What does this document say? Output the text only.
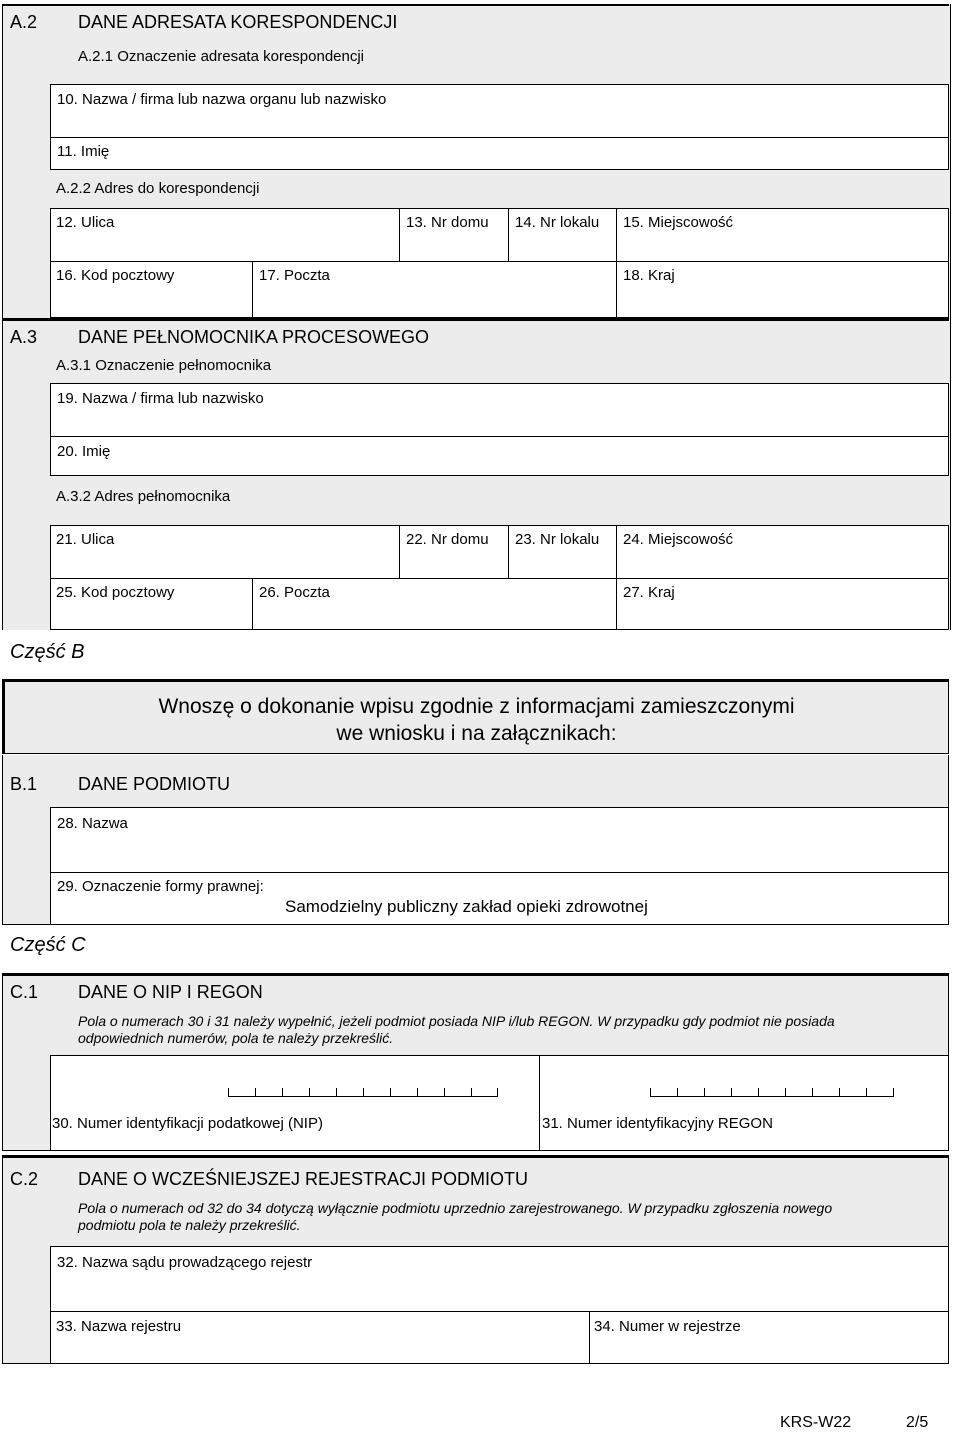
A.2 DANE ADRESATA KORESPONDENCJI
A.2.1 Oznaczenie adresata korespondencji
10. Nazwa / firma lub nazwa organu lub nazwisko
11. Imię
A.2.2 Adres do korespondencji
12. Ulica	13. Nr domu 14. Nr lokalu 15. Miejscowość
16. Kod pocztowy	17. Poczta	18. Kraj
A.3 DANE PEŁNOMOCNIKA PROCESOWEGO
A.3.1 Oznaczenie pełnomocnika
19. Nazwa / firma lub nazwisko
20. Imię
A.3.2 Adres pełnomocnika
21. Ulica	22. Nr domu 23. Nr lokalu 24. Miejscowość
25. Kod pocztowy	26. Poczta	27. Kraj
Część B
Wnoszę o dokonanie wpisu zgodnie z informacjami zamieszczonymi
we wniosku i na załącznikach:
B.1 DANE PODMIOTU
28. Nazwa
29. Oznaczenie formy prawnej:
Samodzielny publiczny zakład opieki zdrowotnej
Część C
C.1 DANE O NIP I REGON
Pola o numerach 30 i 31 należy wypełnić, jeżeli podmiot posiada NIP i/lub REGON. W przypadku gdy podmiot nie posiada
odpowiednich numerów, pola te należy przekreślić.
30. Numer identyfikacji podatkowej (NIP)	31. Numer identyfikacyjny REGON
C.2 DANE O WCZEŚNIEJSZEJ REJESTRACJI PODMIOTU
Pola o numerach od 32 do 34 dotyczą wyłącznie podmiotu uprzednio zarejestrowanego. W przypadku zgłoszenia nowego
podmiotu pola te należy przekreślić.
32. Nazwa sądu prowadzącego rejestr
33. Nazwa rejestru	34. Numer w rejestrze
KRS-W22	2/5
